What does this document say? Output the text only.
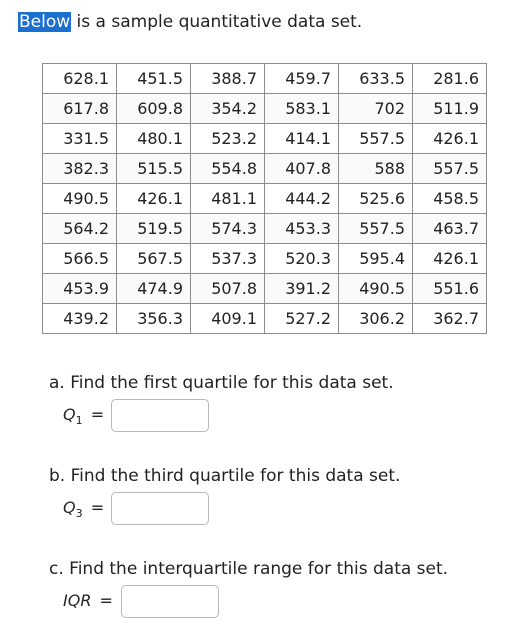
Below is a sample quantitative data set.
628.1	451.5	388.7	459.7	633.5	281.6
617.8	609.8	354.2	583.1	702	511.9
331.5	480.1	523.2	414.1	557.5	426.1
382.3	515.5	554.8	407.8	588	557.5
490.5	426.1	481.1	444.2	525.6	458.5
564.2	519.5	574.3	453.3	557.5	463.7
566.5	567.5	537.3	520.3	595.4	426.1
453.9	474.9	507.8	391.2	490.5	551.6
439.2	356.3	409.1	527.2	306.2	362.7
a. Find the first quartile for this data set.
$Q_1$ =
b. Find the third quartile for this data set.
$Q_3$ =
c. Find the interquartile range for this data set.
IQR =
